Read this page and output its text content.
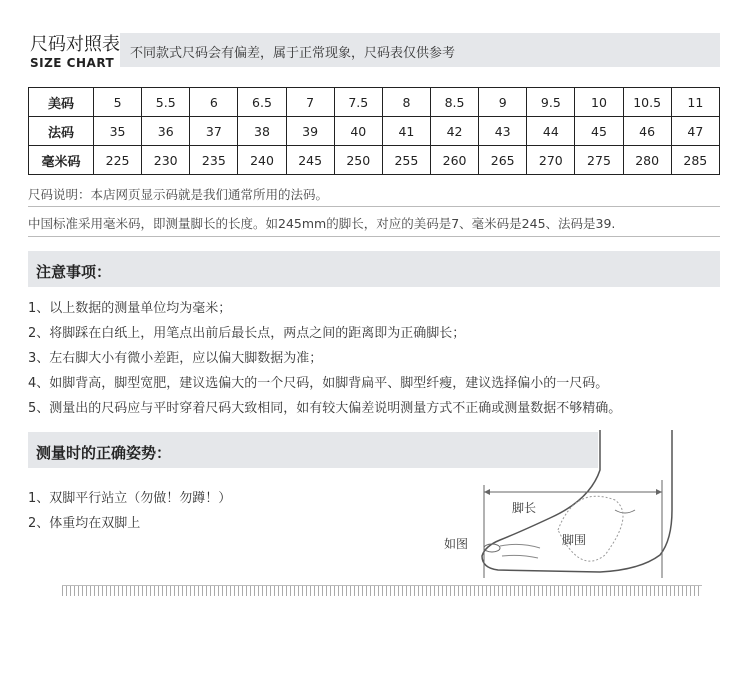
尺码对照表
SIZE CHART
不同款式尺码会有偏差，属于正常现象，尺码表仅供参考
美码	5	5.5	6	6.5	7	7.5	8	8.5	9	9.5	10	10.5	11
法码	35	36	37	38	39	40	41	42	43	44	45	46	47
毫米码	225	230	235	240	245	250	255	260	265	270	275	280	285
尺码说明：本店网页显示码就是我们通常所用的法码。
中国标准采用毫米码，即测量脚长的长度。如245mm的脚长，对应的美码是7、毫米码是245、法码是39.
注意事项：
1、以上数据的测量单位均为毫米；
2、将脚踩在白纸上，用笔点出前后最长点，两点之间的距离即为正确脚长；
3、左右脚大小有微小差距，应以偏大脚数据为准；
4、如脚背高，脚型宽肥，建议选偏大的一个尺码，如脚背扁平、脚型纤瘦，建议选择偏小的一尺码。
5、测量出的尺码应与平时穿着尺码大致相同，如有较大偏差说明测量方式不正确或测量数据不够精确。
测量时的正确姿势：
1、双脚平行站立（勿做！勿蹲！）
2、体重均在双脚上
脚长
脚围
如图
